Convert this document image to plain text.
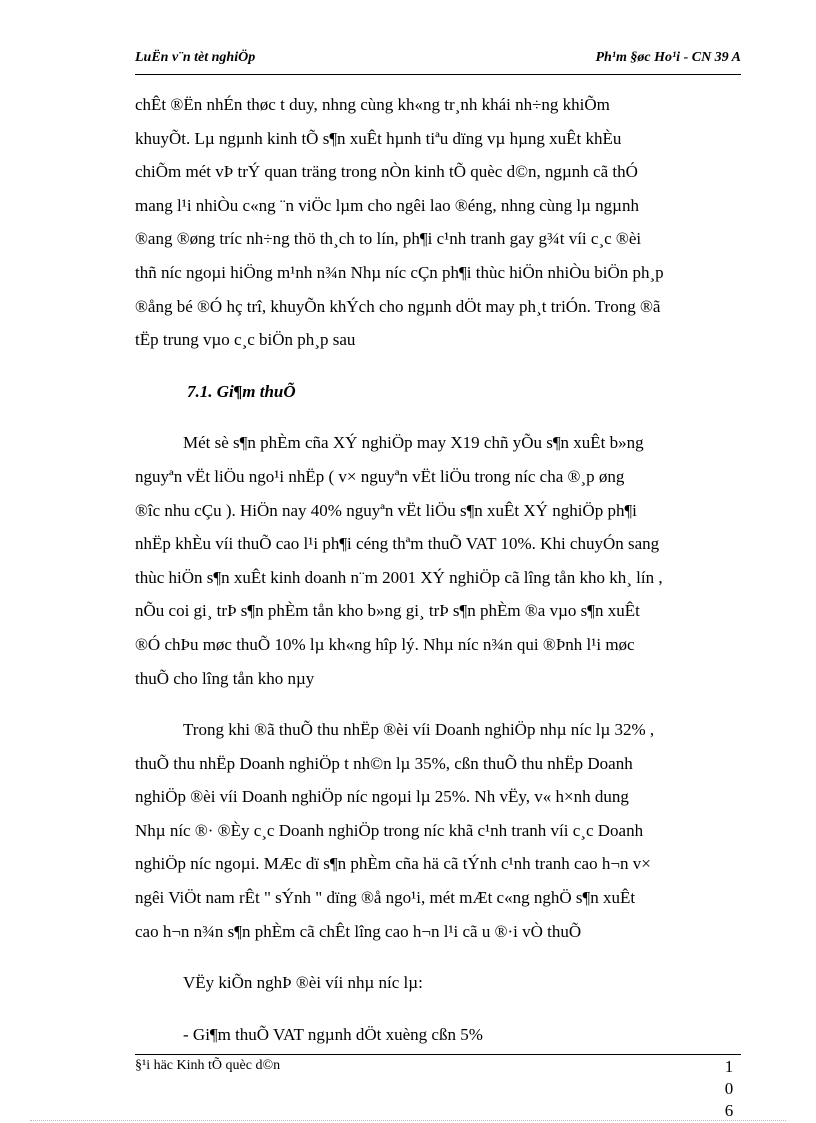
LuËn v¨n tèt nghiÖp	Ph¹m §øc Ho¹i - CN 39 A

chÊt ®Ën nhÉn thøc t duy, nhng cùng kh«ng tr¸nh khái nh÷ng khiÕm

khuyÕt. Lµ ngµnh kinh tÕ s¶n xuÊt hµnh tiªu dïng vµ hµng xuÊt khÈu

chiÕm mét vÞ trÝ quan träng trong nÒn kinh tÕ quèc d©n, ngµnh cã thÓ

mang l¹i nhiÒu c«ng ¨n viÖc lµm cho ngêi lao ®éng, nhng cùng lµ ngµnh

®ang ®øng tríc nh÷ng thö th¸ch to lín, ph¶i c¹nh tranh gay g¾t víi c¸c ®èi

thñ níc ngoµi hiÖng m¹nh n¾n Nhµ níc cÇn ph¶i thùc hiÖn nhiÒu biÖn ph¸p

®ång bé ®Ó hç trî, khuyÕn khÝch cho ngµnh dÖt may ph¸t triÓn. Trong ®ã

tËp trung vµo c¸c biÖn ph¸p sau

7.1. Gi¶m thuÕ

Mét sè s¶n phÈm cña XÝ nghiÖp may X19 chñ yÕu s¶n xuÊt b»ng

nguyªn vËt liÖu ngo¹i nhËp ( v× nguyªn vËt liÖu trong níc cha ®¸p øng

®îc nhu cÇu ). HiÖn nay 40% nguyªn vËt liÖu s¶n xuÊt XÝ nghiÖp ph¶i

nhËp khÈu víi thuÕ cao l¹i ph¶i céng thªm thuÕ VAT 10%. Khi chuyÓn sang

thùc hiÖn s¶n xuÊt kinh doanh n¨m 2001 XÝ nghiÖp cã lîng tån kho kh¸ lín ,

nÕu coi gi¸ trÞ s¶n phÈm tån kho b»ng gi¸ trÞ s¶n phÈm ®a vµo s¶n xuÊt

®Ó chÞu møc thuÕ 10% lµ kh«ng hîp lý. Nhµ níc n¾n qui ®Þnh l¹i møc

thuÕ cho lîng tån kho nµy

Trong khi ®ã thuÕ thu nhËp ®èi víi Doanh nghiÖp nhµ níc lµ 32% ,

thuÕ thu nhËp Doanh nghiÖp t nh©n lµ 35%, cßn thuÕ thu nhËp Doanh

nghiÖp ®èi víi Doanh nghiÖp níc ngoµi lµ 25%. Nh vËy, v« h×nh dung

Nhµ níc ®· ®Èy c¸c Doanh nghiÖp trong níc khã c¹nh tranh víi c¸c Doanh

nghiÖp níc ngoµi. MÆc dï s¶n phÈm cña hä cã tÝnh c¹nh tranh cao h¬n v×

ngêi ViÖt nam rÊt " sÝnh " dïng ®å ngo¹i, mét mÆt c«ng nghÖ s¶n xuÊt

cao h¬n n¾n s¶n phÈm cã chÊt lîng cao h¬n l¹i cã u ®·i vÒ thuÕ

VËy kiÕn nghÞ ®èi víi nhµ níc lµ:

- Gi¶m thuÕ VAT ngµnh dÖt xuèng cßn 5%

§¹i häc Kinh tÕ quèc d©n	1
0
6
